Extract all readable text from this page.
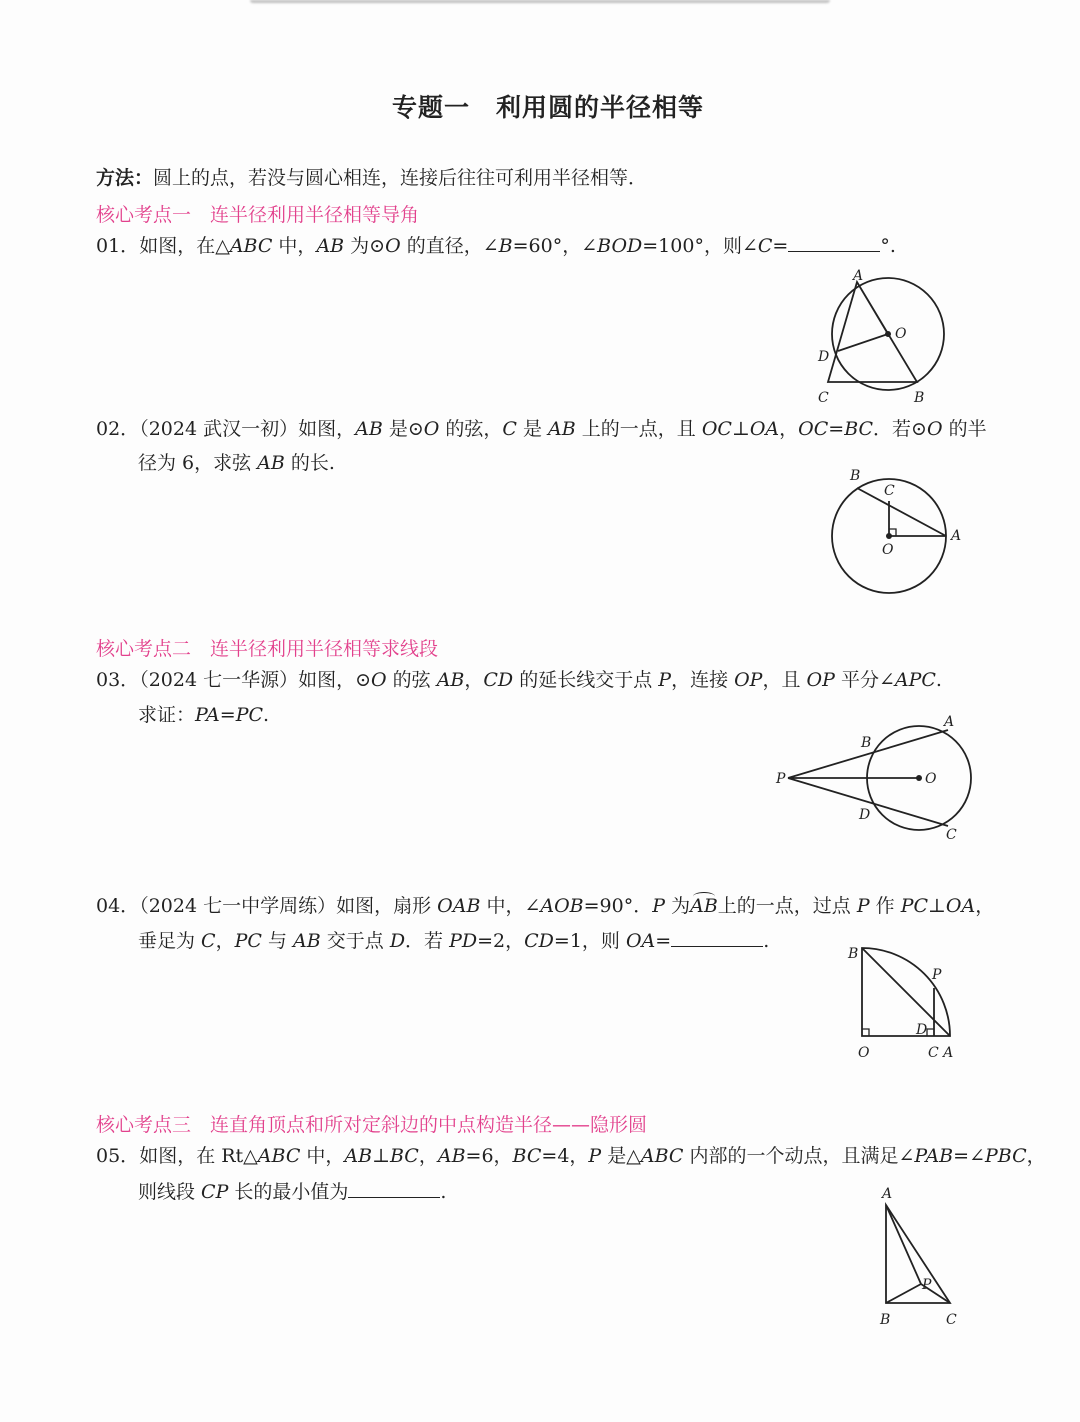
专题一　利用圆的半径相等
方法：圆上的点，若没与圆心相连，连接后往往可利用半径相等．
核心考点一　连半径利用半径相等导角
01．如图，在△ABC 中，AB 为⊙O 的直径，∠B=60°，∠BOD=100°，则∠C=	°.
A
O
D
C	B
02．（2024 武汉一初）如图，AB 是⊙O 的弦，C 是 AB 上的一点，且 OC⊥OA，OC=BC．若⊙O 的半
径为 6，求弦 AB 的长.
B
C
O
A
核心考点二　连半径利用半径相等求线段
03．（2024 七一华源）如图，⊙O 的弦 AB，CD 的延长线交于点 P，连接 OP，且 OP 平分∠APC.
求证：PA=PC.	A
B
P	O
D
C
04．（2024 七一中学周练）如图，扇形 OAB 中，∠AOB=90°．P 为AB上的一点，过点 P 作 PC⊥OA，
垂足为 C，PC 与 AB 交于点 D．若 PD=2，CD=1，则 OA=	.
B
P
D
O	C A
核心考点三　连直角顶点和所对定斜边的中点构造半径——隐形圆
05．如图，在 Rt△ABC 中，AB⊥BC，AB=6，BC=4，P 是△ABC 内部的一个动点，且满足∠PAB=∠PBC，
则线段 CP 长的最小值为	.	A
P
B	C
